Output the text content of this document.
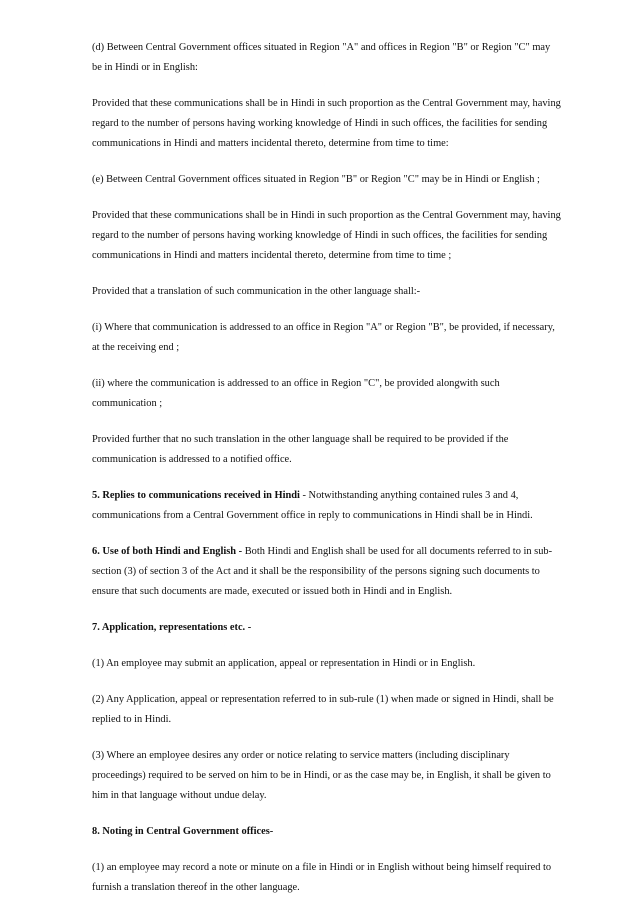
(d) Between Central Government offices situated in Region "A" and offices in Region "B" or Region "C" may be in Hindi or in English:

Provided that these communications shall be in Hindi in such proportion as the Central Government may, having regard to the number of persons having working knowledge of Hindi in such offices, the facilities for sending communications in Hindi and matters incidental thereto, determine from time to time:

(e) Between Central Government offices situated in Region "B" or Region "C" may be in Hindi or English ;

Provided that these communications shall be in Hindi in such proportion as the Central Government may, having regard to the number of persons having working knowledge of Hindi in such offices, the facilities for sending communications in Hindi and matters incidental thereto, determine from time to time ;

Provided that a translation of such communication in the other language shall:-

(i) Where that communication is addressed to an office in Region "A" or Region "B", be provided, if necessary, at the receiving end ;

(ii) where the communication is addressed to an office in Region "C", be provided alongwith such communication ;

Provided further that no such translation in the other language shall be required to be provided if the communication is addressed to a notified office.

5. Replies to communications received in Hindi - Notwithstanding anything contained rules 3 and 4, communications from a Central Government office in reply to communications in Hindi shall be in Hindi.

6. Use of both Hindi and English - Both Hindi and English shall be used for all documents referred to in sub-section (3) of section 3 of the Act and it shall be the responsibility of the persons signing such documents to ensure that such documents are made, executed or issued both in Hindi and in English.

7. Application, representations etc. -

(1) An employee may submit an application, appeal or representation in Hindi or in English.

(2) Any Application, appeal or representation referred to in sub-rule (1) when made or signed in Hindi, shall be replied to in Hindi.

(3) Where an employee desires any order or notice relating to service matters (including disciplinary proceedings) required to be served on him to be in Hindi, or as the case may be, in English, it shall be given to him in that language without undue delay.

8. Noting in Central Government offices-

(1) an employee may record a note or minute on a file in Hindi or in English without being himself required to furnish a translation thereof in the other language.
